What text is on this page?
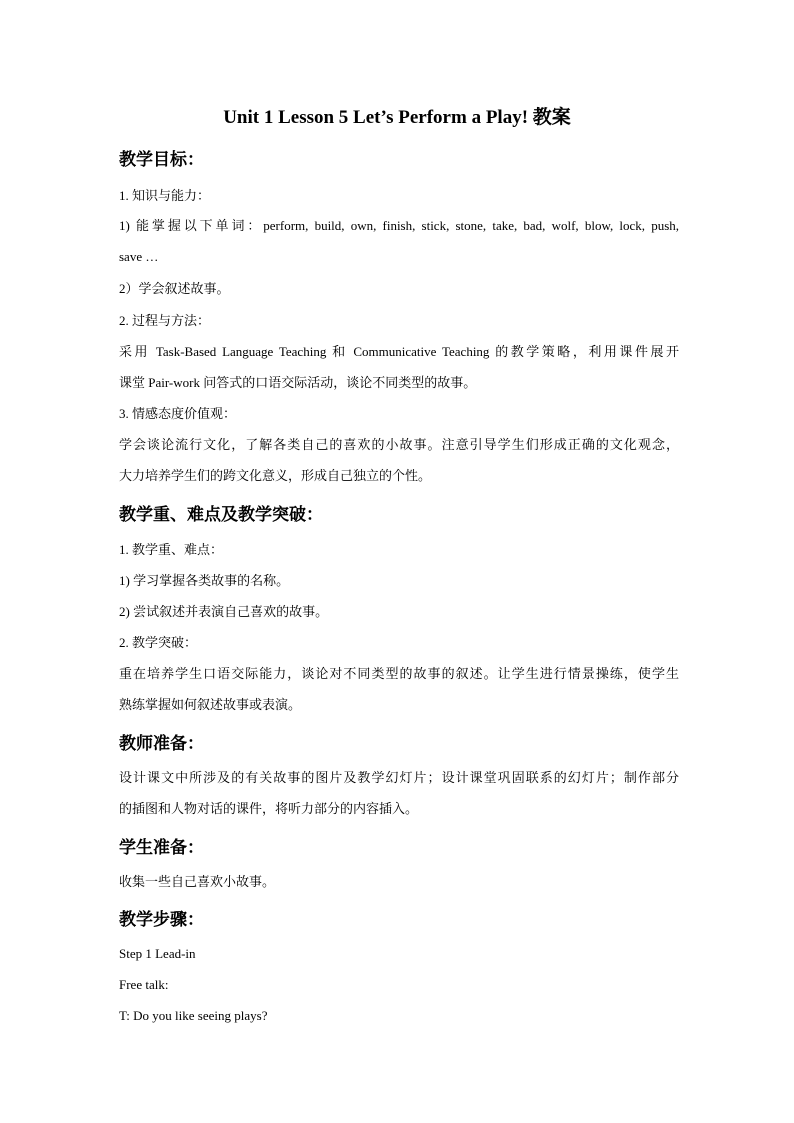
Unit 1 Lesson 5 Let’s Perform a Play! 教案
教学目标：
1. 知识与能力：
1) 能掌握以下单词：perform, build, own, finish, stick, stone, take, bad, wolf, blow, lock, push,
save …
2）学会叙述故事。
2. 过程与方法：
采用 Task-Based Language Teaching 和 Communicative Teaching 的教学策略，利用课件展开
课堂 Pair-work 问答式的口语交际活动，谈论不同类型的故事。
3. 情感态度价值观：
学会谈论流行文化，了解各类自己的喜欢的小故事。注意引导学生们形成正确的文化观念，
大力培养学生们的跨文化意义，形成自己独立的个性。
教学重、难点及教学突破：
1. 教学重、难点：
1) 学习掌握各类故事的名称。
2) 尝试叙述并表演自己喜欢的故事。
2. 教学突破：
重在培养学生口语交际能力，谈论对不同类型的故事的叙述。让学生进行情景操练，使学生
熟练掌握如何叙述故事或表演。
教师准备：
设计课文中所涉及的有关故事的图片及教学幻灯片；设计课堂巩固联系的幻灯片；制作部分
的插图和人物对话的课件，将听力部分的内容插入。
学生准备：
收集一些自己喜欢小故事。
教学步骤：
Step 1 Lead-in
Free talk:
T: Do you like seeing plays?
